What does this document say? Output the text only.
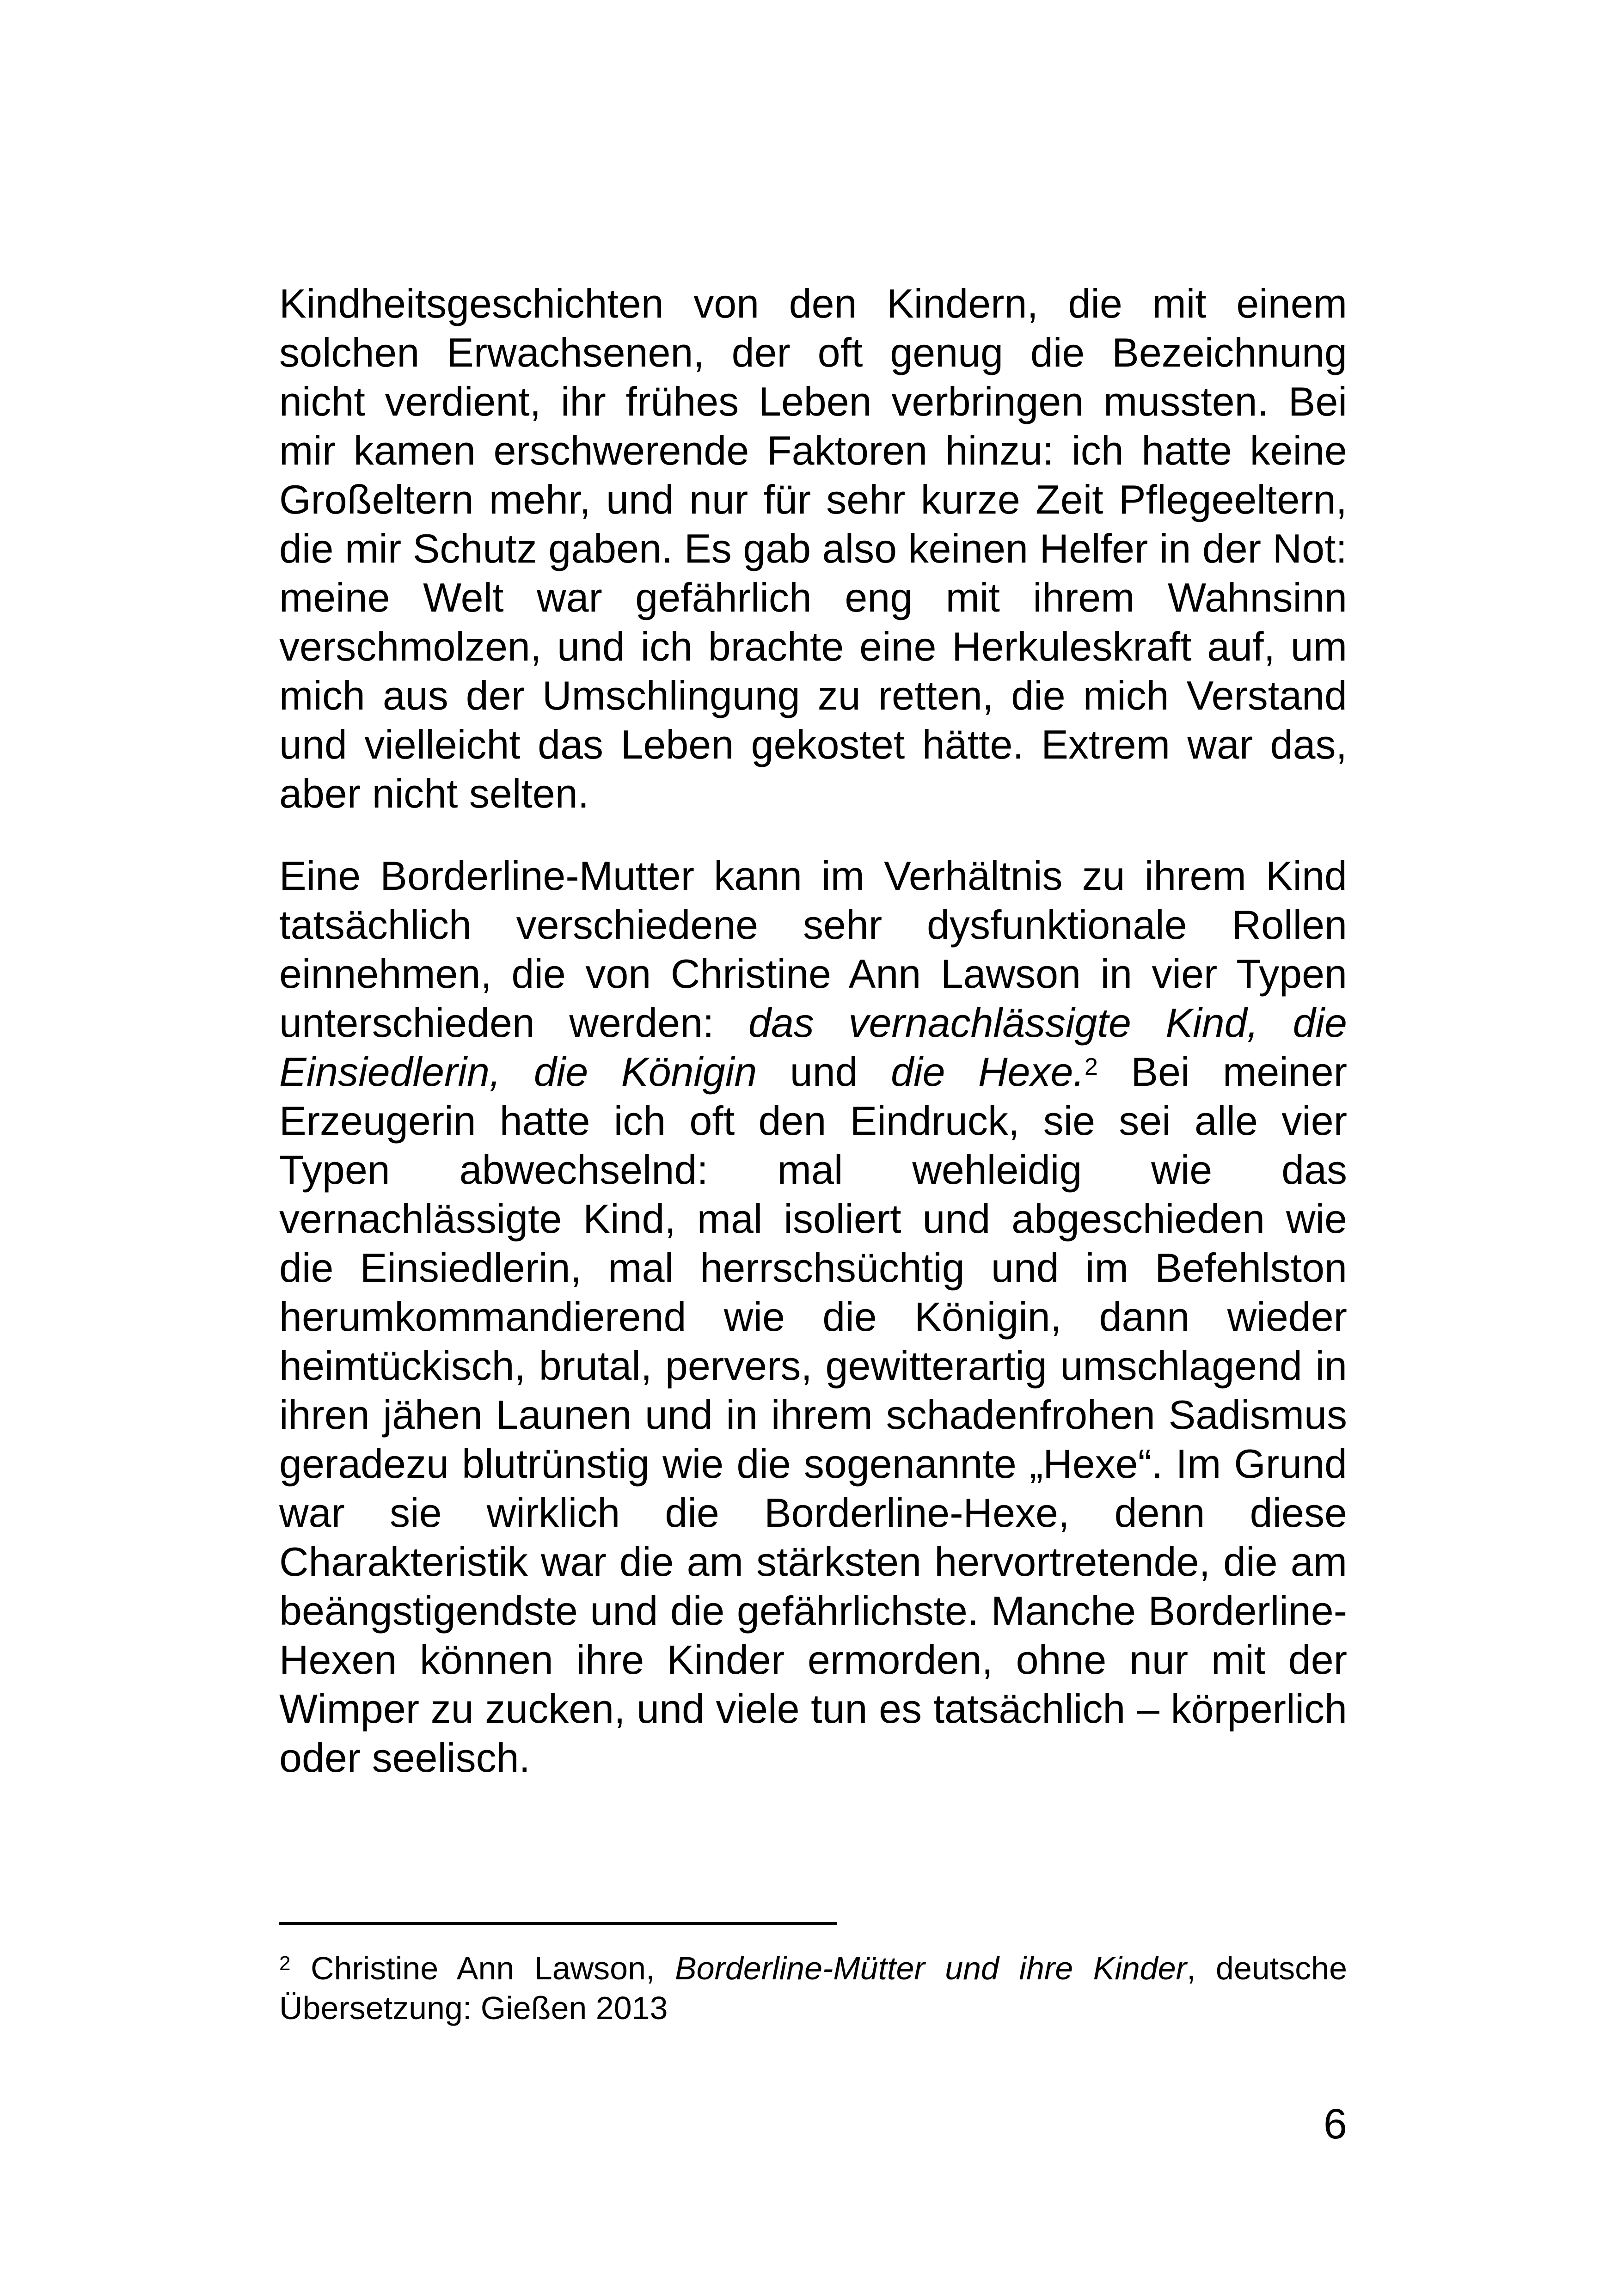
Kindheitsgeschichten von den Kindern, die mit einem solchen Erwachsenen, der oft genug die Bezeichnung nicht verdient, ihr frühes Leben verbringen mussten. Bei mir kamen erschwerende Faktoren hinzu: ich hatte keine Großeltern mehr, und nur für sehr kurze Zeit Pflegeeltern, die mir Schutz gaben. Es gab also keinen Helfer in der Not: meine Welt war gefährlich eng mit ihrem Wahnsinn verschmolzen, und ich brachte eine Herkuleskraft auf, um mich aus der Umschlingung zu retten, die mich Verstand und vielleicht das Leben gekostet hätte. Extrem war das, aber nicht selten.

Eine Borderline-Mutter kann im Verhältnis zu ihrem Kind tatsächlich verschiedene sehr dysfunktionale Rollen einnehmen, die von Christine Ann Lawson in vier Typen unterschieden werden: das vernachlässigte Kind, die Einsiedlerin, die Königin und die Hexe.$^2$ Bei meiner Erzeugerin hatte ich oft den Eindruck, sie sei alle vier Typen abwechselnd: mal wehleidig wie das vernachlässigte Kind, mal isoliert und abgeschieden wie die Einsiedlerin, mal herrschsüchtig und im Befehlston herumkommandierend wie die Königin, dann wieder heimtückisch, brutal, pervers, gewitterartig umschlagend in ihren jähen Launen und in ihrem schadenfrohen Sadismus geradezu blutrünstig wie die sogenannte „Hexe“. Im Grund war sie wirklich die Borderline-Hexe, denn diese Charakteristik war die am stärksten hervortretende, die am beängstigendste und die gefährlichste. Manche Borderline-Hexen können ihre Kinder ermorden, ohne nur mit der Wimper zu zucken, und viele tun es tatsächlich – körperlich oder seelisch.

$^2$ Christine Ann Lawson, Borderline-Mütter und ihre Kinder, deutsche Übersetzung: Gießen 2013
6
